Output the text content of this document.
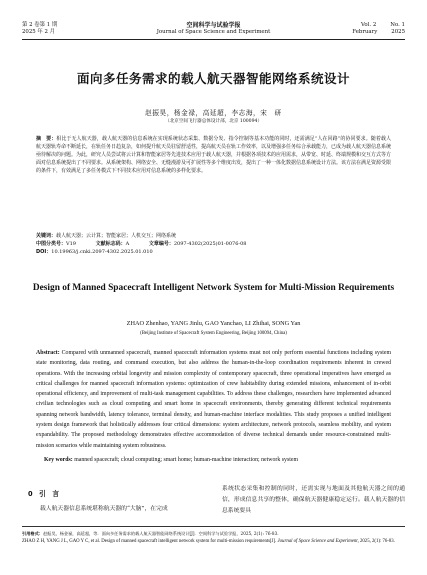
第 2 卷第 1 期
2025 年 2 月
空间科学与试验学报
Journal of Space Science and Experiment
Vol. 2	No. 1
February	2025
面向多任务需求的载人航天器智能网络系统设计
赵振昊，杨金禄，高延超，李志海，宋　研
（北京空间飞行器总体设计部，北京 100094）

摘　要：相比于无人航天器，载人航天器的信息系统在实现系统状态采集、数据分发、指令控制等基本功能的同时，还需满足“人在回路”的协同要求。随着载人航天器轨寿命不断延长，在轨任务日趋复杂，如何提升航天员驻留舒适性，提高航天员在轨工作效率，以及增强多任务综合承载能力，已成为载人航天器信息系统亟待解决的问题。为此，研究人员尝试将云计算和智能家居等先进技术应用于载人航天器，并根据各项技术的应用需求，从带宽、时延、终端规模和交互方式等方面对信息系统提出了不同要求。从系统架构、网络安全、无缝漫游及可扩展性等多个维度出发，提出了一种一体化数据信息系统设计方法。该方法在满足资源受限的条件下，有效满足了多任务模式下不同技术应用对信息系统的多样化要求。

关键词：载人航天器；云计算；智能家居；人机交互；网络系统
中图分类号：V19	文献标志码：A	文章编号：2097-4302(2025)01-0076-08
DOI：10.19963/j.cnki.2097-4302.2025.01.010
Design of Manned Spacecraft Intelligent Network System for Multi-Mission Requirements
ZHAO Zhenhao, YANG Jinlu, GAO Yanchao, LI Zhihai, SONG Yan
(Beijing Institute of Spacecraft System Engineering, Beijing 100094, China)

Abstract: Compared with unmanned spacecraft, manned spacecraft information systems must not only perform essential functions including system state monitoring, data routing, and command execution, but also address the human-in-the-loop coordination requirements inherent in crewed operations. With the increasing orbital longevity and mission complexity of contemporary spacecraft, three operational imperatives have emerged as critical challenges for manned spacecraft information systems: optimization of crew habitability during extended missions, enhancement of in-orbit operational efficiency, and improvement of multi-task management capabilities. To address these challenges, researchers have implemented advanced civilian technologies such as cloud computing and smart home in spacecraft environments, thereby generating different technical requirements spanning network bandwidth, latency tolerance, terminal density, and human-machine interface modalities. This study proposes a unified intelligent system design framework that holistically addresses four critical dimensions: system architecture, network protocols, seamless mobility, and system expandability. The proposed methodology demonstrates effective accommodation of diverse technical demands under resource-constrained multi-mission scenarios while maintaining system robustness.

Key words: manned spacecraft; cloud computing; smart home; human-machine interaction; network system
0　引　言

载人航天器信息系统堪称航天器的“大脑”，在完成

系统状态采集和控制的同时，还需实现与地面及其他航天器之间的通信，形成信息共享的整体，确保航天器健康稳定运行。载人航天器的信息系统要具

引用格式：赵振昊，杨金禄，高延超，等．面向多任务需求的载人航天器智能网络系统设计[J]．空间科学与试验学报，2025, 2(1): 76-83.
ZHAO Z H, YANG J L, GAO Y C, et al. Design of manned spacecraft intelligent network system for multi-mission requirements[J]. Journal of Space Science and Experiment, 2025, 2(1): 76-83.
